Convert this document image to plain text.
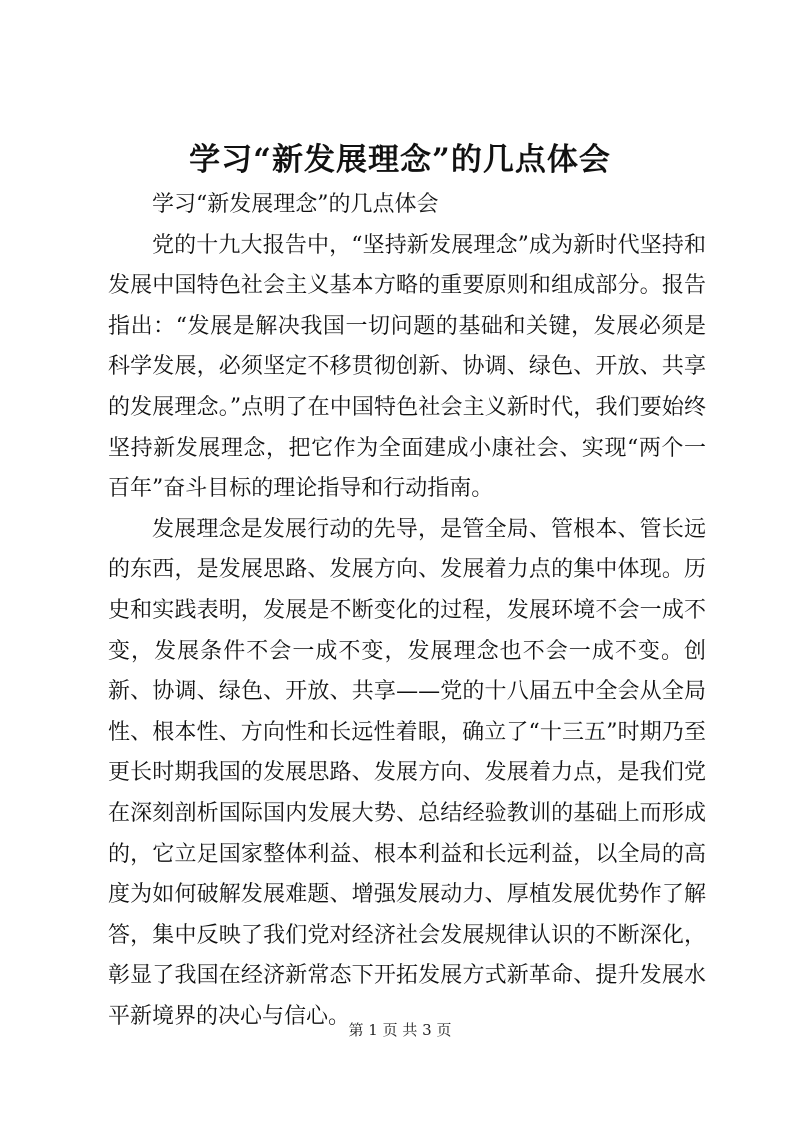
学习“新发展理念”的几点体会

学习“新发展理念”的几点体会

党的十九大报告中，“坚持新发展理念”成为新时代坚持和发展中国特色社会主义基本方略的重要原则和组成部分。报告指出：“发展是解决我国一切问题的基础和关键，发展必须是科学发展，必须坚定不移贯彻创新、协调、绿色、开放、共享的发展理念。”点明了在中国特色社会主义新时代，我们要始终坚持新发展理念，把它作为全面建成小康社会、实现“两个一百年”奋斗目标的理论指导和行动指南。

发展理念是发展行动的先导，是管全局、管根本、管长远的东西，是发展思路、发展方向、发展着力点的集中体现。历史和实践表明，发展是不断变化的过程，发展环境不会一成不变，发展条件不会一成不变，发展理念也不会一成不变。创新、协调、绿色、开放、共享——党的十八届五中全会从全局性、根本性、方向性和长远性着眼，确立了“十三五”时期乃至更长时期我国的发展思路、发展方向、发展着力点，是我们党在深刻剖析国际国内发展大势、总结经验教训的基础上而形成的，它立足国家整体利益、根本利益和长远利益，以全局的高度为如何破解发展难题、增强发展动力、厚植发展优势作了解答，集中反映了我们党对经济社会发展规律认识的不断深化，彰显了我国在经济新常态下开拓发展方式新革命、提升发展水平新境界的决心与信心。

第 1 页 共 3 页
